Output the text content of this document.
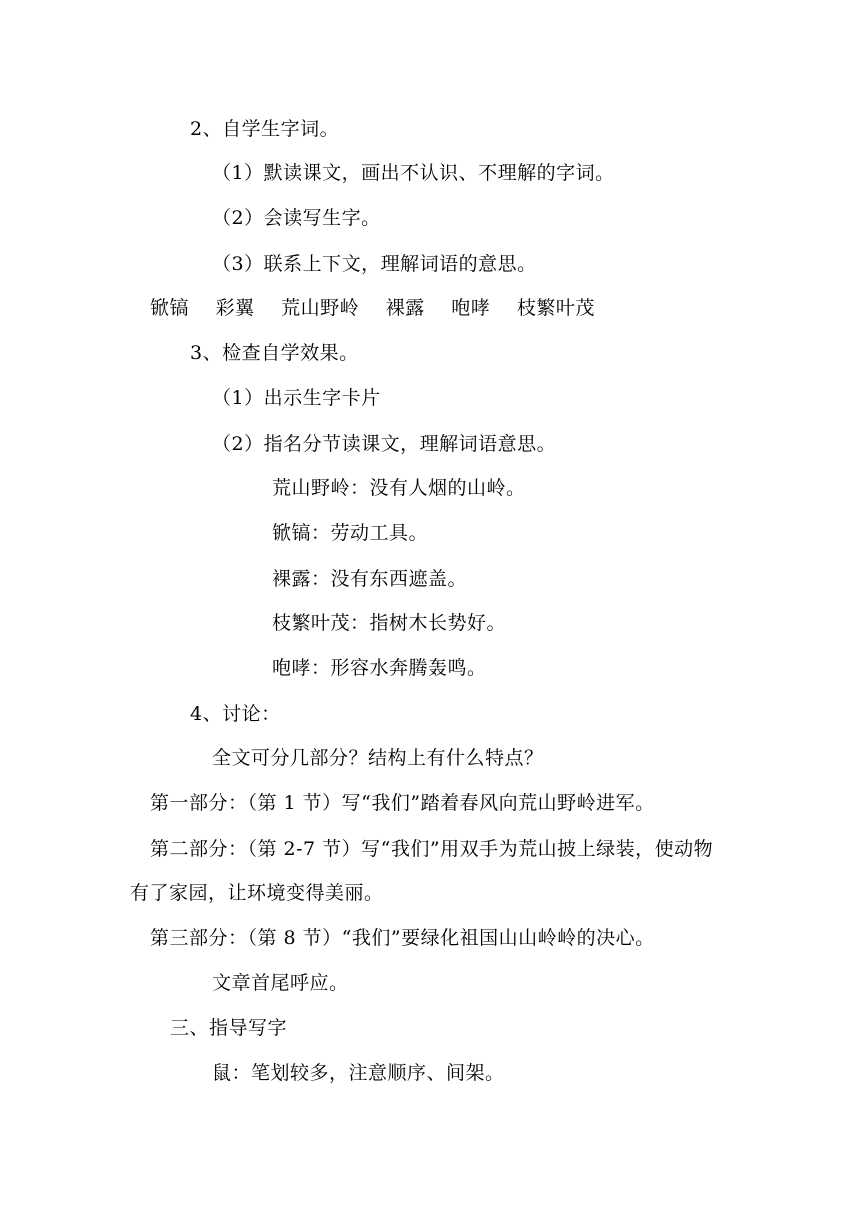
2、自学生字词。
（1）默读课文，画出不认识、不理解的字词。
（2）会读写生字。
（3）联系上下文，理解词语的意思。
锨镐 彩翼 荒山野岭 裸露 咆哮 枝繁叶茂
3、检查自学效果。
（1）出示生字卡片
（2）指名分节读课文，理解词语意思。
荒山野岭：没有人烟的山岭。
锨镐：劳动工具。
裸露：没有东西遮盖。
枝繁叶茂：指树木长势好。
咆哮：形容水奔腾轰鸣。
4、讨论：
全文可分几部分？结构上有什么特点？
第一部分：（第 1 节）写“我们”踏着春风向荒山野岭进军。
第二部分：（第 2-7 节）写“我们”用双手为荒山披上绿装，使动物
有了家园，让环境变得美丽。
第三部分：（第 8 节）“我们”要绿化祖国山山岭岭的决心。
文章首尾呼应。
三、指导写字
鼠：笔划较多，注意顺序、间架。
